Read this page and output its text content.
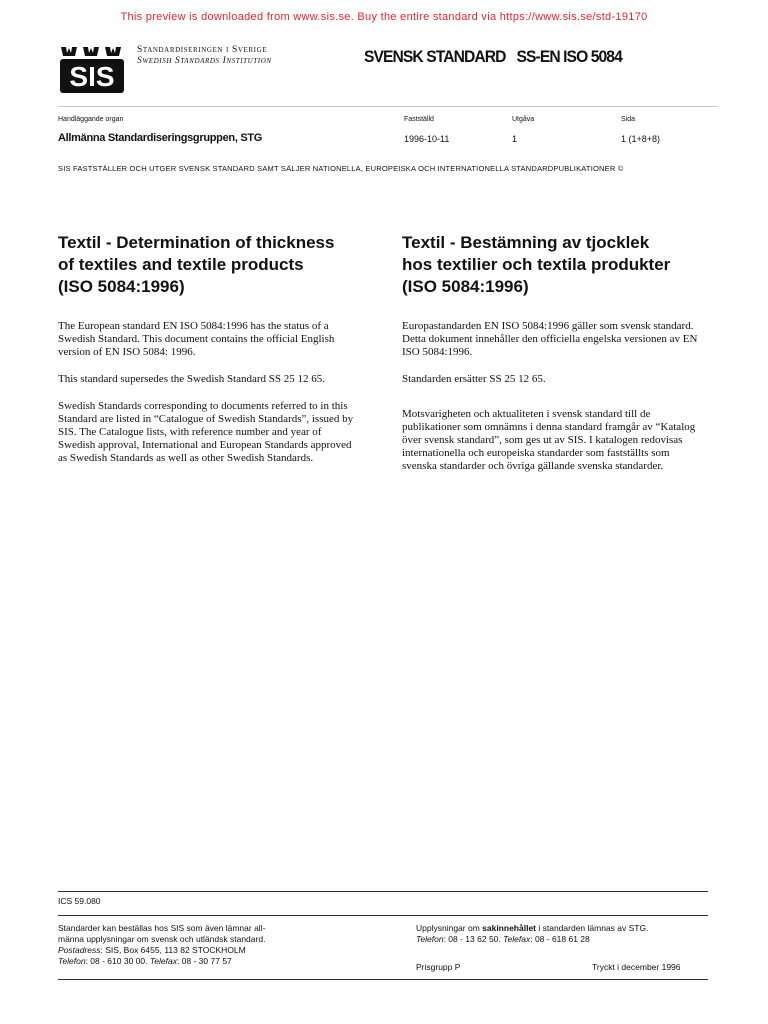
This preview is downloaded from www.sis.se. Buy the entire standard via https://www.sis.se/std-19170
SIS
Standardiseringen i Sverige
Swedish Standards Institution	SVENSK STANDARD SS-EN ISO 5084
Handläggande organ
Allmänna Standardiseringsgruppen, STG
Fastställd
1996-10-11
Utgåva
1
Sida
1 (1+8+8)
SIS FASTSTÄLLER OCH UTGER SVENSK STANDARD SAMT SÄLJER NATIONELLA, EUROPEISKA OCH INTERNATIONELLA STANDARDPUBLIKATIONER ©
Textil - Determination of thickness
of textiles and textile products
(ISO 5084:1996)
Textil - Bestämning av tjocklek
hos textilier och textila produkter
(ISO 5084:1996)

The European standard EN ISO 5084:1996 has the status of a Swedish Standard. This document contains the official English version of EN ISO 5084: 1996.

This standard supersedes the Swedish Standard SS 25 12 65.

Swedish Standards corresponding to documents referred to in this Standard are listed in “Catalogue of Swedish Standards”, issued by SIS. The Catalogue lists, with reference number and year of Swedish approval, International and European Standards approved as Swedish Standards as well as other Swedish Standards.

Europastandarden EN ISO 5084:1996 gäller som svensk standard. Detta dokument innehåller den officiella engelska versionen av EN ISO 5084:1996.

Standarden ersätter SS 25 12 65.

Motsvarigheten och aktualiteten i svensk standard till de publikationer som omnämns i denna standard framgår av “Katalog över svensk standard”, som ges ut av SIS. I katalogen redovisas internationella och europeiska standarder som fastställts som svenska standarder och övriga gällande svenska standarder.

ICS 59.080
Standarder kan beställas hos SIS som även lämnar all-
männa upplysningar om svensk och utländsk standard.
Postadress: SIS, Box 6455, 113 82 STOCKHOLM
Telefon: 08 - 610 30 00. Telefax: 08 - 30 77 57
Upplysningar om sakinnehållet i standarden lämnas av STG.
Telefon: 08 - 13 62 50. Telefax: 08 - 618 61 28
Prisgrupp P	Tryckt i december 1996
